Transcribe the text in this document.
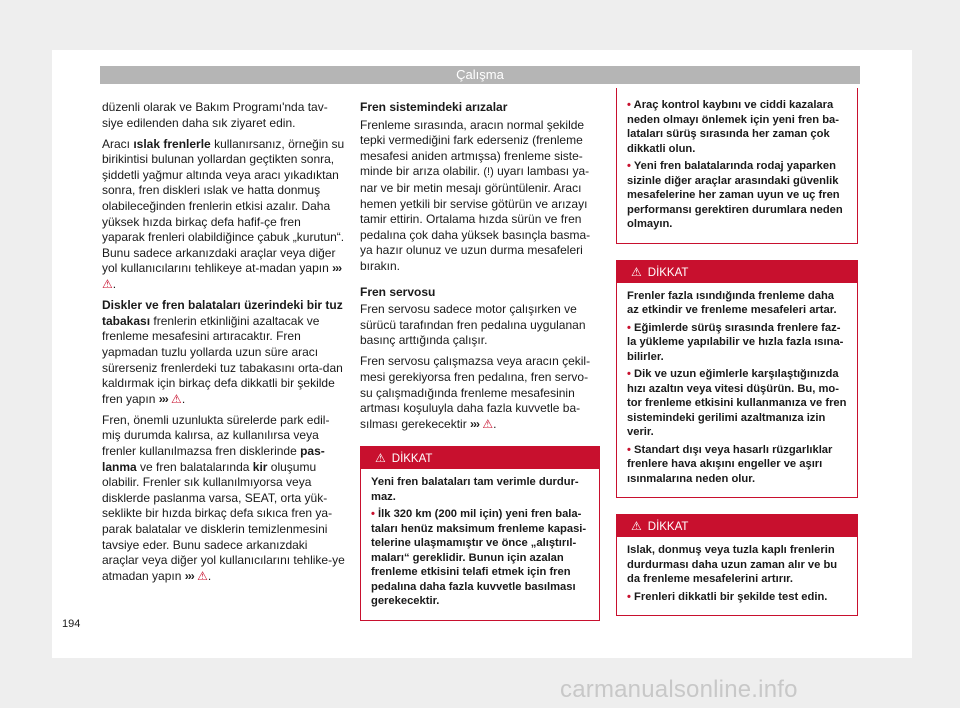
Çalışma

düzenli olarak ve Bakım Programı'nda tav-siye edilenden daha sık ziyaret edin.

Aracı ıslak frenlerle kullanırsanız, örneğin su birikintisi bulunan yollardan geçtikten sonra, şiddetli yağmur altında veya aracı yıkadıktan sonra, fren diskleri ıslak ve hatta donmuş olabileceğinden frenlerin etkisi azalır. Daha yüksek hızda birkaç defa hafif-çe fren yaparak frenleri olabildiğince çabuk „kurutun“. Bunu sadece arkanızdaki araçlar veya diğer yol kullanıcılarını tehlikeye at-madan yapın ››› ⚠.

Diskler ve fren balataları üzerindeki bir tuz tabakası frenlerin etkinliğini azaltacak ve frenleme mesafesini artıracaktır. Fren yapmadan tuzlu yollarda uzun süre aracı sürerseniz frenlerdeki tuz tabakasını orta-dan kaldırmak için birkaç defa dikkatli bir şekilde fren yapın ››› ⚠.

Fren, önemli uzunlukta sürelerde park edil-miş durumda kalırsa, az kullanılırsa veya frenler kullanılmazsa fren disklerinde pas-lanma ve fren balatalarında kir oluşumu olabilir. Frenler sık kullanılmıyorsa veya disklerde paslanma varsa, SEAT, orta yük-seklikte bir hızda birkaç defa sıkıca fren ya-parak balatalar ve disklerin temizlenmesini tavsiye eder. Bunu sadece arkanızdaki araçlar veya diğer yol kullanıcılarını tehlike-ye atmadan yapın ››› ⚠.

Fren sistemindeki arızalar

Frenleme sırasında, aracın normal şekilde tepki vermediğini fark ederseniz (frenleme mesafesi aniden artmışsa) frenleme siste-minde bir arıza olabilir. (!) uyarı lambası ya-nar ve bir metin mesajı görüntülenir. Aracı hemen yetkili bir servise götürün ve arızayı tamir ettirin. Ortalama hızda sürün ve fren pedalına çok daha yüksek basınçla basma-ya hazır olunuz ve uzun durma mesafeleri bırakın.

Fren servosu

Fren servosu sadece motor çalışırken ve sürücü tarafından fren pedalına uygulanan basınç arttığında çalışır.

Fren servosu çalışmazsa veya aracın çekil-mesi gerekiyorsa fren pedalına, fren servo-su çalışmadığında frenleme mesafesinin artması koşuluyla daha fazla kuvvetle ba-sılması gerekecektir ››› ⚠.

⚠ DİKKAT

Yeni fren balataları tam verimle durdur-maz.

• İlk 320 km (200 mil için) yeni fren bala-taları henüz maksimum frenleme kapasi-telerine ulaşmamıştır ve önce „alıştırıl-maları“ gereklidir. Bunun için azalan frenleme etkisini telafi etmek için fren pedalına daha fazla kuvvetle basılması gerekecektir.

• Araç kontrol kaybını ve ciddi kazalara neden olmayı önlemek için yeni fren ba-lataları sürüş sırasında her zaman çok dikkatli olun.

• Yeni fren balatalarında rodaj yaparken sizinle diğer araçlar arasındaki güvenlik mesafelerine her zaman uyun ve uç fren performansı gerektiren durumlara neden olmayın.

⚠ DİKKAT

Frenler fazla ısındığında frenleme daha az etkindir ve frenleme mesafeleri artar.

• Eğimlerde sürüş sırasında frenlere faz-la yükleme yapılabilir ve hızla fazla ısına-bilirler.

• Dik ve uzun eğimlerle karşılaştığınızda hızı azaltın veya vitesi düşürün. Bu, mo-tor frenleme etkisini kullanmanıza ve fren sistemindeki gerilimi azaltmanıza izin verir.

• Standart dışı veya hasarlı rüzgarlıklar frenlere hava akışını engeller ve aşırı ısınmalarına neden olur.

⚠ DİKKAT

Islak, donmuş veya tuzla kaplı frenlerin durdurması daha uzun zaman alır ve bu da frenleme mesafelerini artırır.

• Frenleri dikkatli bir şekilde test edin.

194
carmanualsonline.info
